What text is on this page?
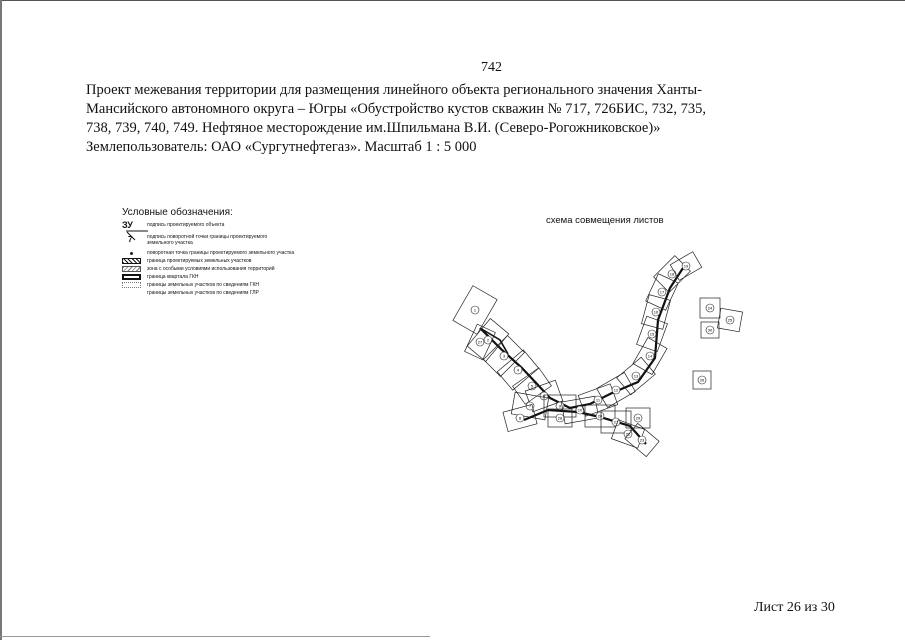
742
Проект межевания территории для размещения линейного объекта регионального значения Ханты-
Мансийского автономного округа – Югры «Обустройство кустов скважин № 717, 726БИС, 732, 735,
738, 739, 740, 749. Нефтяное месторождение им.Шпильмана В.И. (Северо-Рогожниковское)»
Землепользователь: ОАО «Сургутнефтегаз». Масштаб 1 : 5 000
Условные обозначения:
ЗУ	подпись проектируемого объекта
7	подпись поворотной точки границы проектируемого земельного участка
поворотная точка границы проектируемого земельного участка
граница проектируемых земельных участков
зона с особыми условиями использования территорий
граница квартала ГКН
границы земельных участков по сведениям ГКН
границы земельных участков по сведениям ГЛР
схема совмещения листов
1
2
3
4
5
6
7
8
9
10
11
12
13
14
15
16
17
18
19
20
21
22
23
24
25
26
27
28	29
30
Лист 26 из 30
